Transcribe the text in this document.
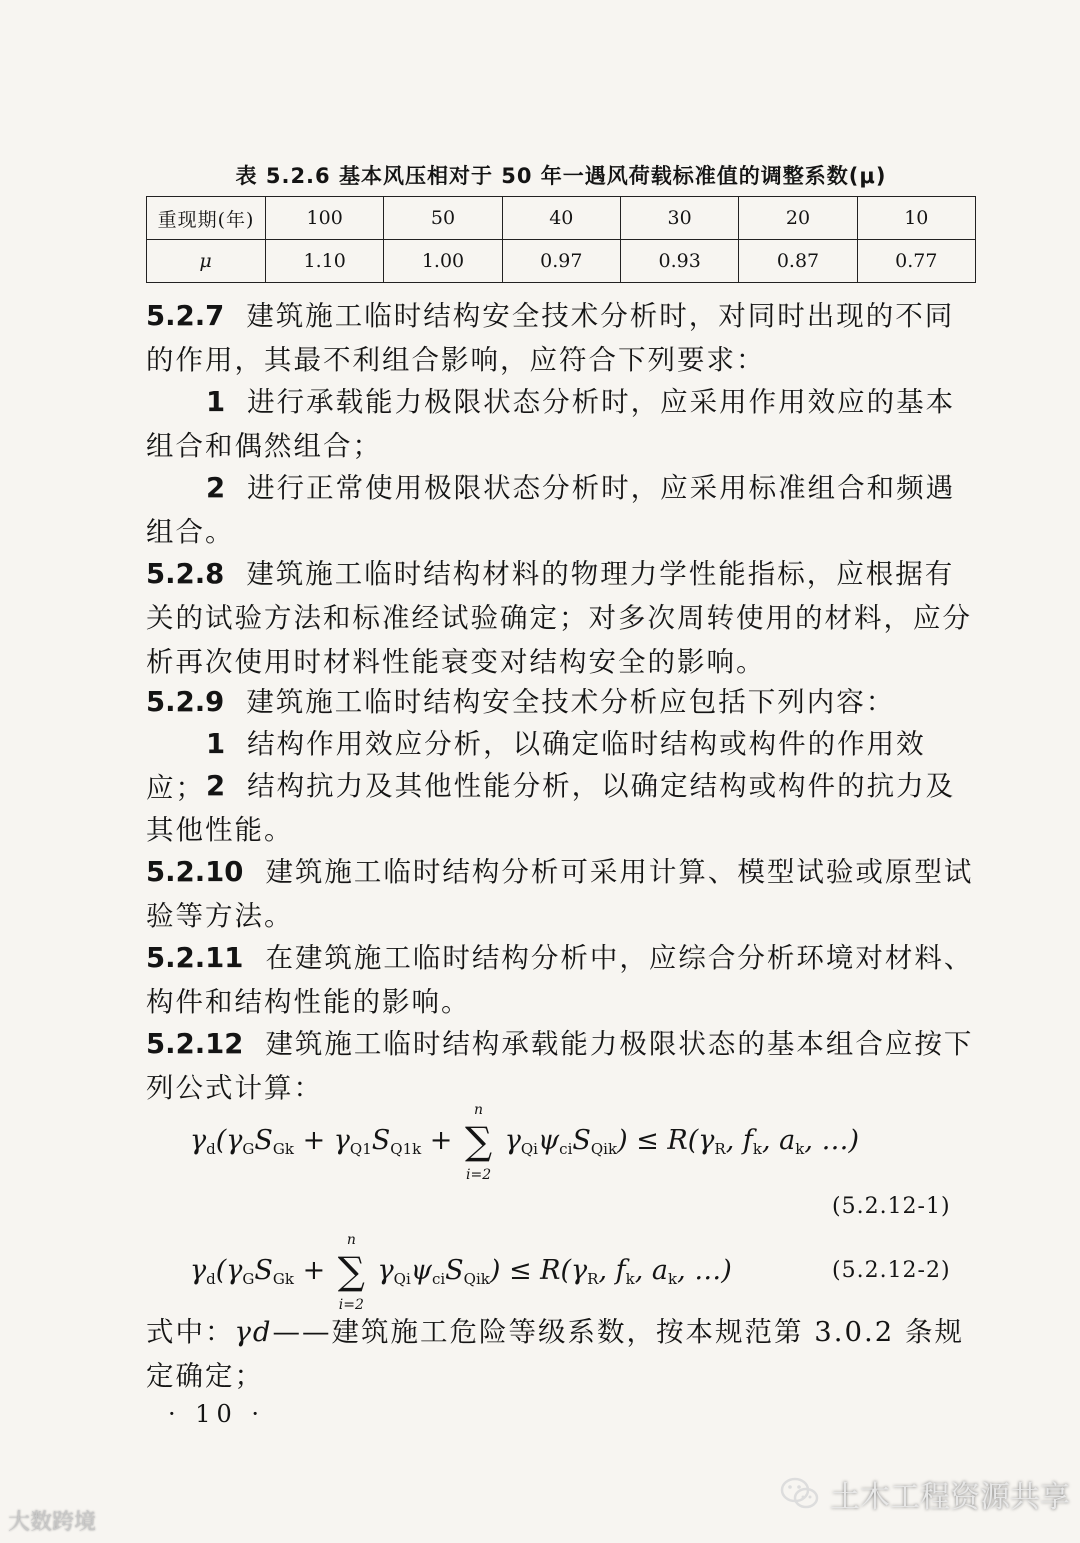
表 5.2.6 基本风压相对于 50 年一遇风荷载标准值的调整系数(μ)
重现期(年)	100	50	40	30	20	10
μ	1.10	1.00	0.97	0.93	0.87	0.77

5.2.7 建筑施工临时结构安全技术分析时，对同时出现的不同的作用，其最不利组合影响，应符合下列要求：

1 进行承载能力极限状态分析时，应采用作用效应的基本组合和偶然组合；

2 进行正常使用极限状态分析时，应采用标准组合和频遇组合。

5.2.8 建筑施工临时结构材料的物理力学性能指标，应根据有关的试验方法和标准经试验确定；对多次周转使用的材料，应分析再次使用时材料性能衰变对结构安全的影响。

5.2.9 建筑施工临时结构安全技术分析应包括下列内容：

1 结构作用效应分析，以确定临时结构或构件的作用效应； 2 结构抗力及其他性能分析，以确定结构或构件的抗力及其他性能。

5.2.10 建筑施工临时结构分析可采用计算、模型试验或原型试验等方法。

5.2.11 在建筑施工临时结构分析中，应综合分析环境对材料、构件和结构性能的影响。

5.2.12 建筑施工临时结构承载能力极限状态的基本组合应按下列公式计算：

γd(γGSGk + γQ1SQ1k +
n
∑
i=2
γQiψciSQik) ≤ R(γR, fk, ak, …)
(5.2.12-1)
γd(γGSGk +
n
∑
i=2
γQiψciSQik) ≤ R(γR, fk, ak, …)	(5.2.12-2)
式中：γd——建筑施工危险等级系数，按本规范第 3.0.2 条规定确定；
· 10 ·
大数跨境
土木工程资源共享
